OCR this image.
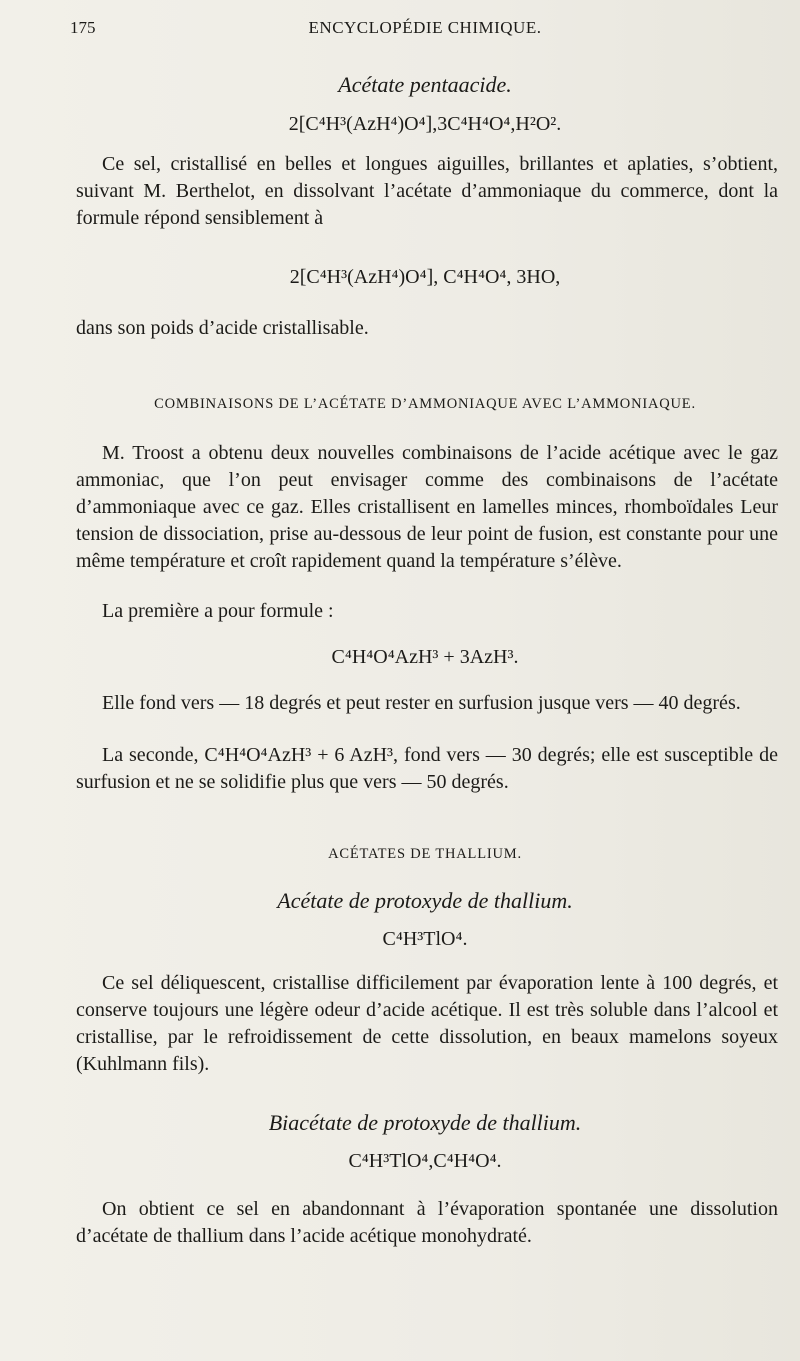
175	ENCYCLOPÉDIE CHIMIQUE.
Acétate pentaacide.
2[C⁴H³(AzH⁴)O⁴],3C⁴H⁴O⁴,H²O².

Ce sel, cristallisé en belles et longues aiguilles, brillantes et aplaties, s’obtient, suivant M. Berthelot, en dissolvant l’acétate d’ammoniaque du commerce, dont la formule répond sensiblement à

2[C⁴H³(AzH⁴)O⁴], C⁴H⁴O⁴, 3HO,

dans son poids d’acide cristallisable.

COMBINAISONS DE L’ACÉTATE D’AMMONIAQUE AVEC L’AMMONIAQUE.

M. Troost a obtenu deux nouvelles combinaisons de l’acide acétique avec le gaz ammoniac, que l’on peut envisager comme des combinaisons de l’acétate d’ammoniaque avec ce gaz. Elles cristallisent en lamelles minces, rhomboïdales Leur tension de dissociation, prise au-dessous de leur point de fusion, est constante pour une même température et croît rapidement quand la température s’élève.

La première a pour formule :

C⁴H⁴O⁴AzH³ + 3AzH³.

Elle fond vers — 18 degrés et peut rester en surfusion jusque vers — 40 degrés.

La seconde, C⁴H⁴O⁴AzH³ + 6 AzH³, fond vers — 30 degrés; elle est susceptible de surfusion et ne se solidifie plus que vers — 50 degrés.

ACÉTATES DE THALLIUM.
Acétate de protoxyde de thallium.
C⁴H³TlO⁴.

Ce sel déliquescent, cristallise difficilement par évaporation lente à 100 degrés, et conserve toujours une légère odeur d’acide acétique. Il est très soluble dans l’alcool et cristallise, par le refroidissement de cette dissolution, en beaux mamelons soyeux (Kuhlmann fils).

Biacétate de protoxyde de thallium.
C⁴H³TlO⁴,C⁴H⁴O⁴.

On obtient ce sel en abandonnant à l’évaporation spontanée une dissolution d’acétate de thallium dans l’acide acétique monohydraté.
